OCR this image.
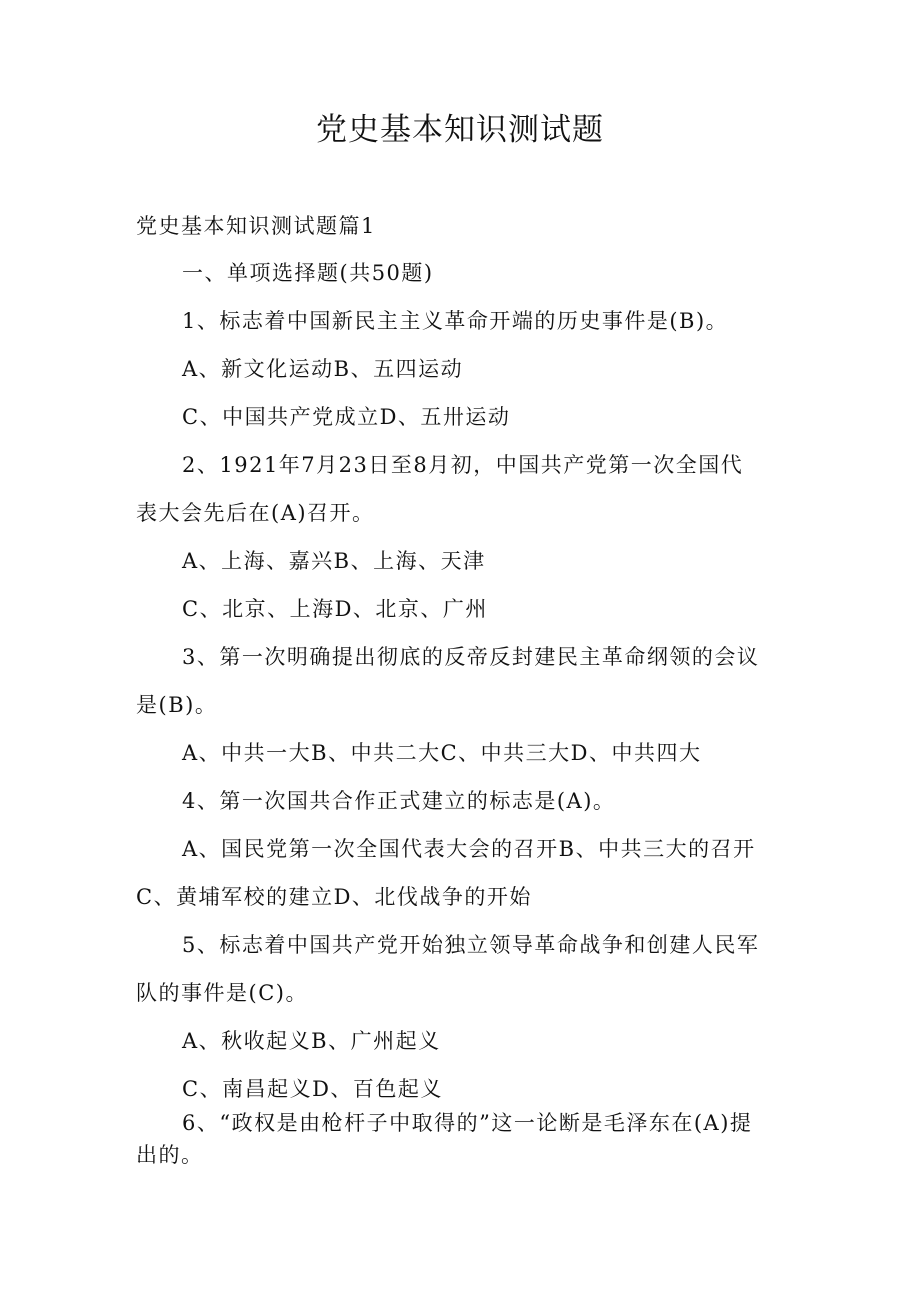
党史基本知识测试题
党史基本知识测试题篇1
一、单项选择题(共50题)
1、标志着中国新民主主义革命开端的历史事件是(B)。
A、新文化运动B、五四运动
C、中国共产党成立D、五卅运动
2、1921年7月23日至8月初，中国共产党第一次全国代
表大会先后在(A)召开。
A、上海、嘉兴B、上海、天津
C、北京、上海D、北京、广州
3、第一次明确提出彻底的反帝反封建民主革命纲领的会议
是(B)。
A、中共一大B、中共二大C、中共三大D、中共四大
4、第一次国共合作正式建立的标志是(A)。
A、国民党第一次全国代表大会的召开B、中共三大的召开
C、黄埔军校的建立D、北伐战争的开始
5、标志着中国共产党开始独立领导革命战争和创建人民军
队的事件是(C)。
A、秋收起义B、广州起义
C、南昌起义D、百色起义
6、“政权是由枪杆子中取得的”这一论断是毛泽东在(A)提
出的。
